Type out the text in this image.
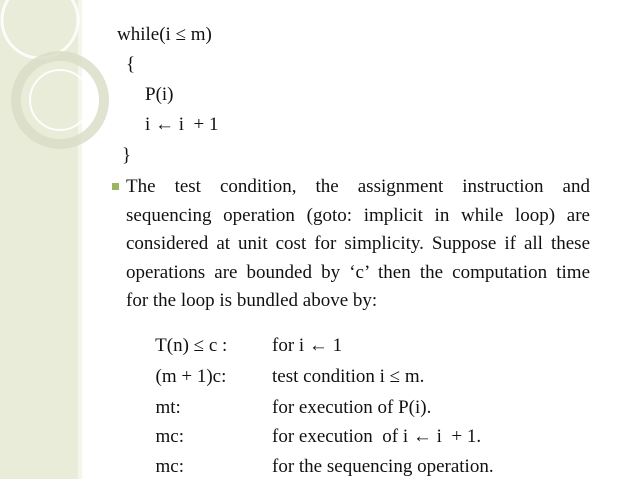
while(i ≤ m)
{
P(i)
i ← i  + 1
}
The test condition, the assignment instruction and
sequencing operation (goto: implicit in while loop) are
considered at unit cost for simplicity. Suppose if all these
operations are bounded by ‘c’ then the computation time
for the loop is bundled above by:

T(n) ≤ c : for i ← 1

(m + 1)c: test condition i ≤ m.

mt:	for execution of P(i).

mc:	for execution  of i ← i  + 1.

mc:	for the sequencing operation.
